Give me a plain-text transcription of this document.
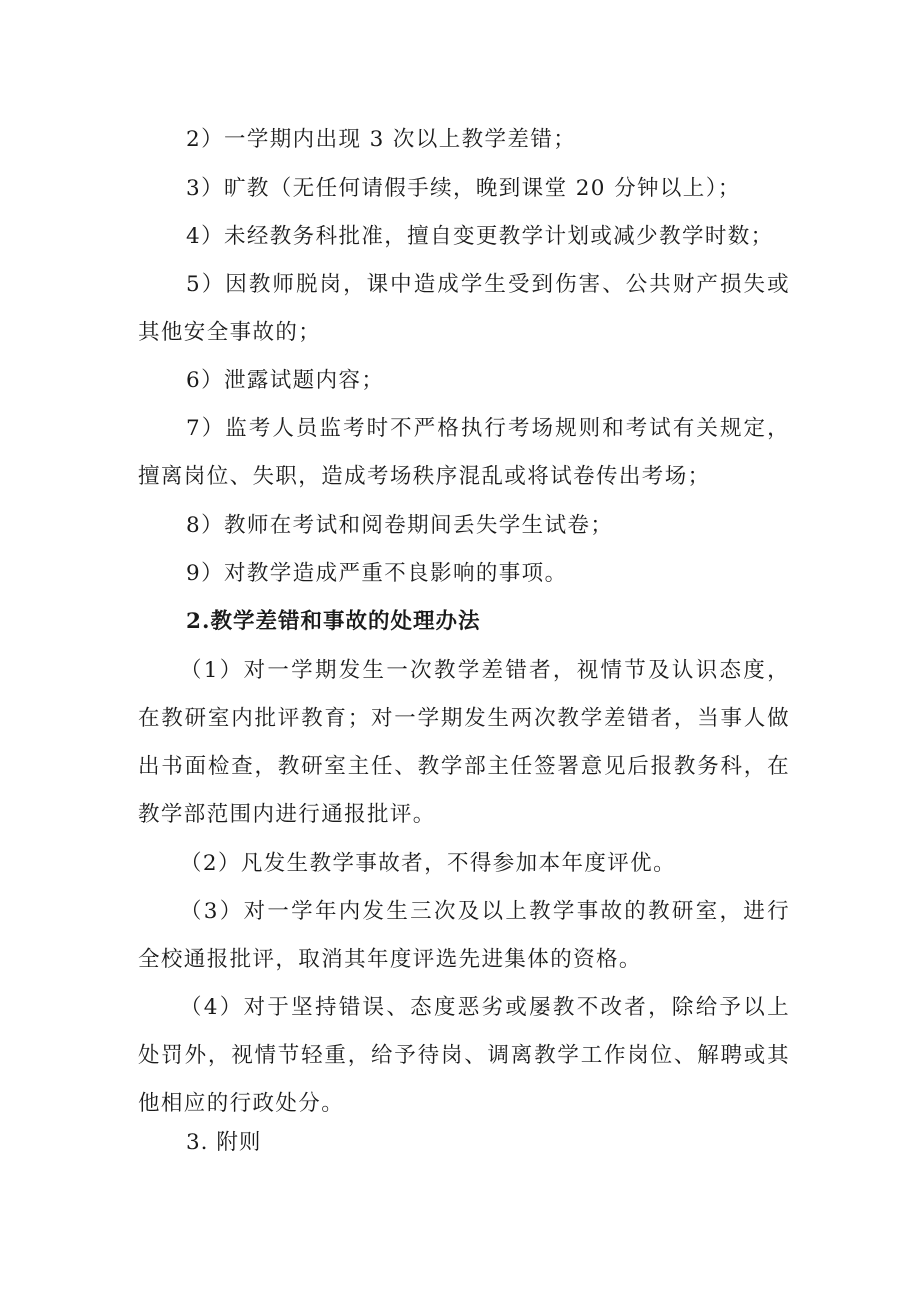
2）一学期内出现 3 次以上教学差错；
3）旷教（无任何请假手续，晚到课堂 20 分钟以上）；
4）未经教务科批准，擅自变更教学计划或减少教学时数；
5）因教师脱岗，课中造成学生受到伤害、公共财产损失或
其他安全事故的；
6）泄露试题内容；
7）监考人员监考时不严格执行考场规则和考试有关规定，
擅离岗位、失职，造成考场秩序混乱或将试卷传出考场；
8）教师在考试和阅卷期间丢失学生试卷；
9）对教学造成严重不良影响的事项。
2.教学差错和事故的处理办法
（1）对一学期发生一次教学差错者，视情节及认识态度，
在教研室内批评教育；对一学期发生两次教学差错者，当事人做
出书面检查，教研室主任、教学部主任签署意见后报教务科，在
教学部范围内进行通报批评。
（2）凡发生教学事故者，不得参加本年度评优。
（3）对一学年内发生三次及以上教学事故的教研室，进行
全校通报批评，取消其年度评选先进集体的资格。
（4）对于坚持错误、态度恶劣或屡教不改者，除给予以上
处罚外，视情节轻重，给予待岗、调离教学工作岗位、解聘或其
他相应的行政处分。
3. 附则
